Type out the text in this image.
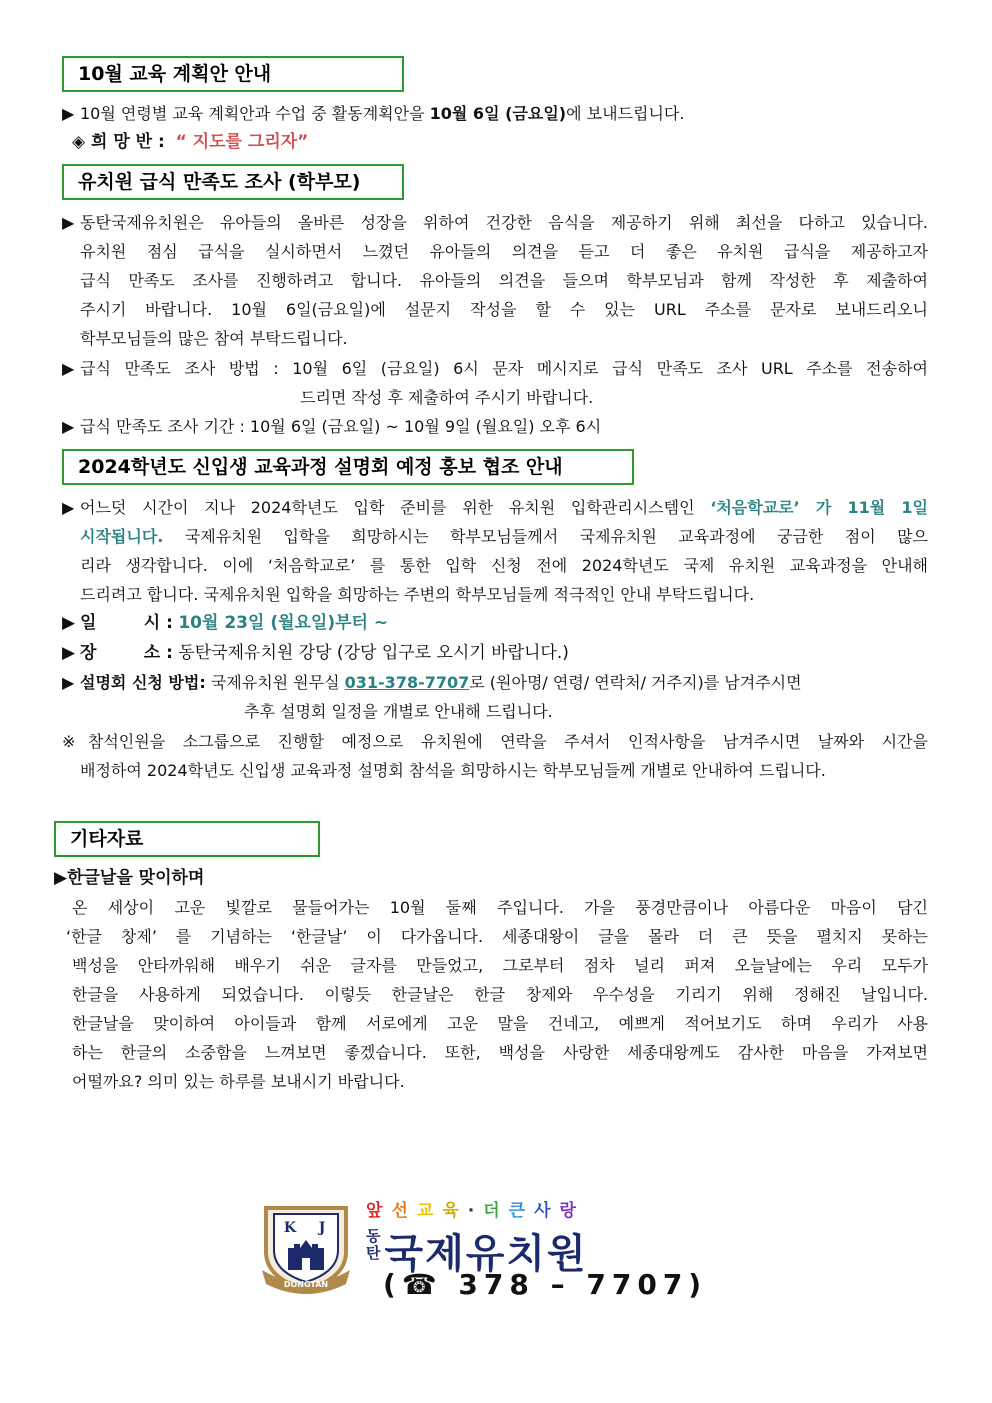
10월 교육 계획안 안내
▶ 10월 연령별 교육 계획안과 수업 중 활동계획안을 10월 6일 (금요일)에 보내드립니다.
◈ 희 망 반 : “ 지도를 그리자”
유치원 급식 만족도 조사 (학부모)
▶ 동탄국제유치원은 유아들의 올바른 성장을 위하여 건강한 음식을 제공하기 위해 최선을 다하고 있습니다.
유치원 점심 급식을 실시하면서 느꼈던 유아들의 의견을 듣고 더 좋은 유치원 급식을 제공하고자
급식 만족도 조사를 진행하려고 합니다. 유아들의 의견을 들으며 학부모님과 함께 작성한 후 제출하여
주시기 바랍니다. 10월 6일(금요일)에 설문지 작성을 할 수 있는 URL 주소를 문자로 보내드리오니
학부모님들의 많은 참여 부탁드립니다.
▶ 급식 만족도 조사 방법 : 10월 6일 (금요일) 6시 문자 메시지로 급식 만족도 조사 URL 주소를 전송하여
드리면 작성 후 제출하여 주시기 바랍니다.
▶ 급식 만족도 조사 기간 : 10월 6일 (금요일) ~ 10월 9일 (월요일) 오후 6시
2024학년도 신입생 교육과정 설명회 예정 홍보 협조 안내
▶ 어느덧 시간이 지나 2024학년도 입학 준비를 위한 유치원 입학관리시스템인 ‘처음학교로’ 가 11월 1일
시작됩니다. 국제유치원 입학을 희망하시는 학부모님들께서 국제유치원 교육과정에 궁금한 점이 많으
리라 생각합니다. 이에 ‘처음학교로’ 를 통한 입학 신청 전에 2024학년도 국제 유치원 교육과정을 안내해
드리려고 합니다. 국제유치원 입학을 희망하는 주변의 학부모님들께 적극적인 안내 부탁드립니다.
▶ 일        시 : 10월 23일 (월요일)부터 ~
▶ 장        소 : 동탄국제유치원 강당 (강당 입구로 오시기 바랍니다.)
▶ 설명회 신청 방법: 국제유치원 원무실 031-378-7707로 (원아명/ 연령/ 연락처/ 거주지)를 남겨주시면
추후 설명회 일정을 개별로 안내해 드립니다.
※참석인원을 소그룹으로 진행할 예정으로 유치원에 연락을 주셔서 인적사항을 남겨주시면 날짜와 시간을
배정하여 2024학년도 신입생 교육과정 설명회 참석을 희망하시는 학부모님들께 개별로 안내하여 드립니다.
기타자료
▶한글날을 맞이하며
온 세상이 고운 빛깔로 물들어가는 10월 둘째 주입니다. 가을 풍경만큼이나 아름다운 마음이 담긴
‘한글 창제’ 를 기념하는 ‘한글날’ 이 다가옵니다. 세종대왕이 글을 몰라 더 큰 뜻을 펼치지 못하는
백성을 안타까워해 배우기 쉬운 글자를 만들었고, 그로부터 점차 널리 퍼져 오늘날에는 우리 모두가
한글을 사용하게 되었습니다. 이렇듯 한글날은 한글 창제와 우수성을 기리기 위해 정해진 날입니다.
한글날을 맞이하여 아이들과 함께 서로에게 고운 말을 건네고, 예쁘게 적어보기도 하며 우리가 사용
하는 한글의 소중함을 느껴보면 좋겠습니다. 또한, 백성을 사랑한 세종대왕께도 감사한 마음을 가져보면
어떨까요? 의미 있는 하루를 보내시기 바랍니다.
K J
DONGTAN
앞선교육·더큰사랑
동
탄 국제유치원
(☎ 378 – 7707)
